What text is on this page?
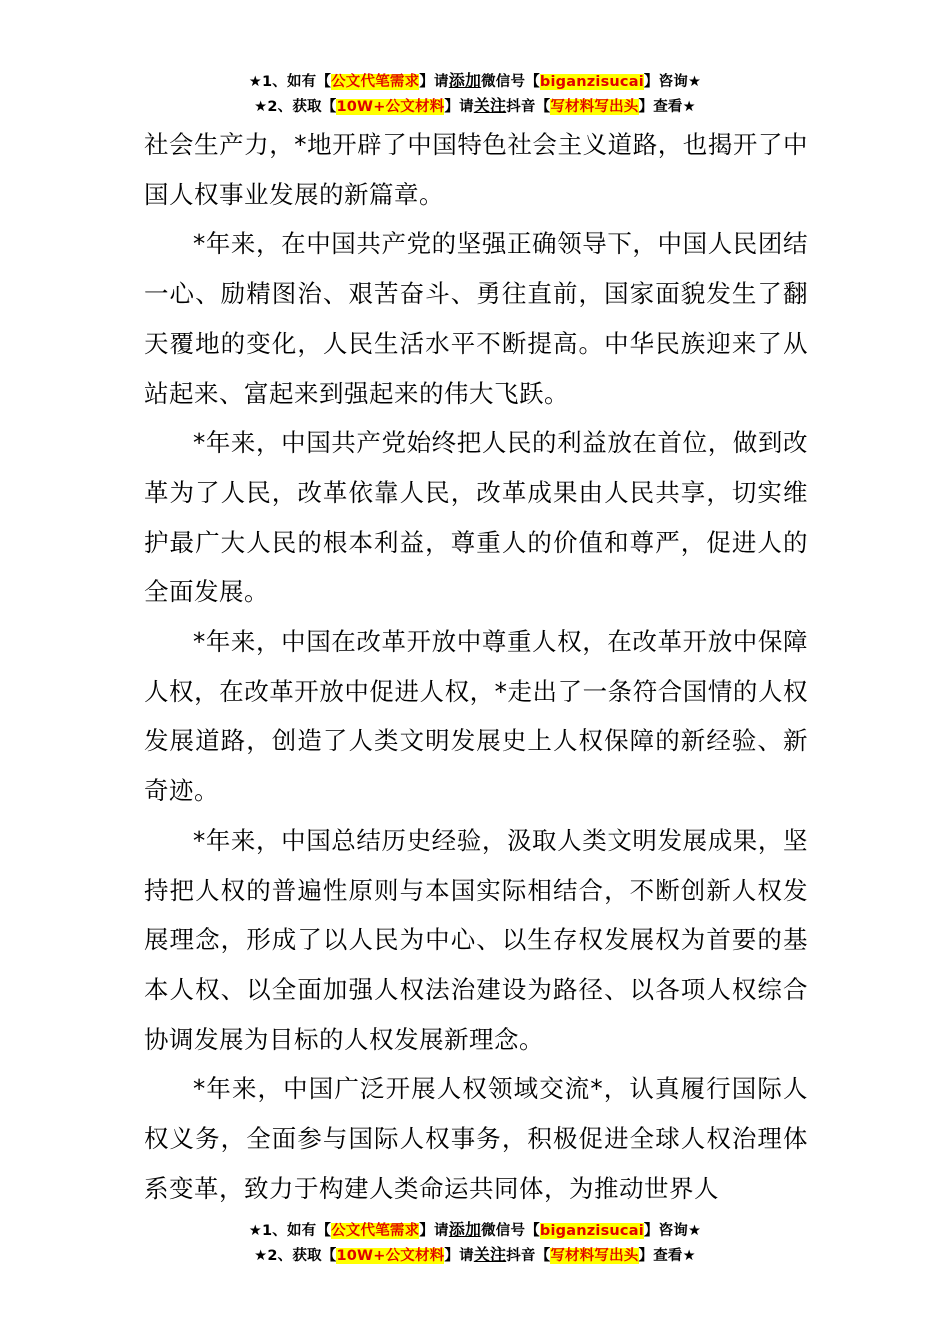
★1、如有【公文代笔需求】请添加微信号【biganzisucai】咨询★
★2、获取【10W+公文材料】请关注抖音【写材料写出头】查看★

社会生产力，*地开辟了中国特色社会主义道路，也揭开了中国人权事业发展的新篇章。

*年来，在中国共产党的坚强正确领导下，中国人民团结一心、励精图治、艰苦奋斗、勇往直前，国家面貌发生了翻天覆地的变化，人民生活水平不断提高。中华民族迎来了从站起来、富起来到强起来的伟大飞跃。

*年来，中国共产党始终把人民的利益放在首位，做到改革为了人民，改革依靠人民，改革成果由人民共享，切实维护最广大人民的根本利益，尊重人的价值和尊严，促进人的全面发展。

*年来，中国在改革开放中尊重人权，在改革开放中保障人权，在改革开放中促进人权，*走出了一条符合国情的人权发展道路，创造了人类文明发展史上人权保障的新经验、新奇迹。

*年来，中国总结历史经验，汲取人类文明发展成果，坚持把人权的普遍性原则与本国实际相结合，不断创新人权发展理念，形成了以人民为中心、以生存权发展权为首要的基本人权、以全面加强人权法治建设为路径、以各项人权综合协调发展为目标的人权发展新理念。

*年来，中国广泛开展人权领域交流*，认真履行国际人权义务，全面参与国际人权事务，积极促进全球人权治理体系变革，致力于构建人类命运共同体，为推动世界人

★1、如有【公文代笔需求】请添加微信号【biganzisucai】咨询★
★2、获取【10W+公文材料】请关注抖音【写材料写出头】查看★
